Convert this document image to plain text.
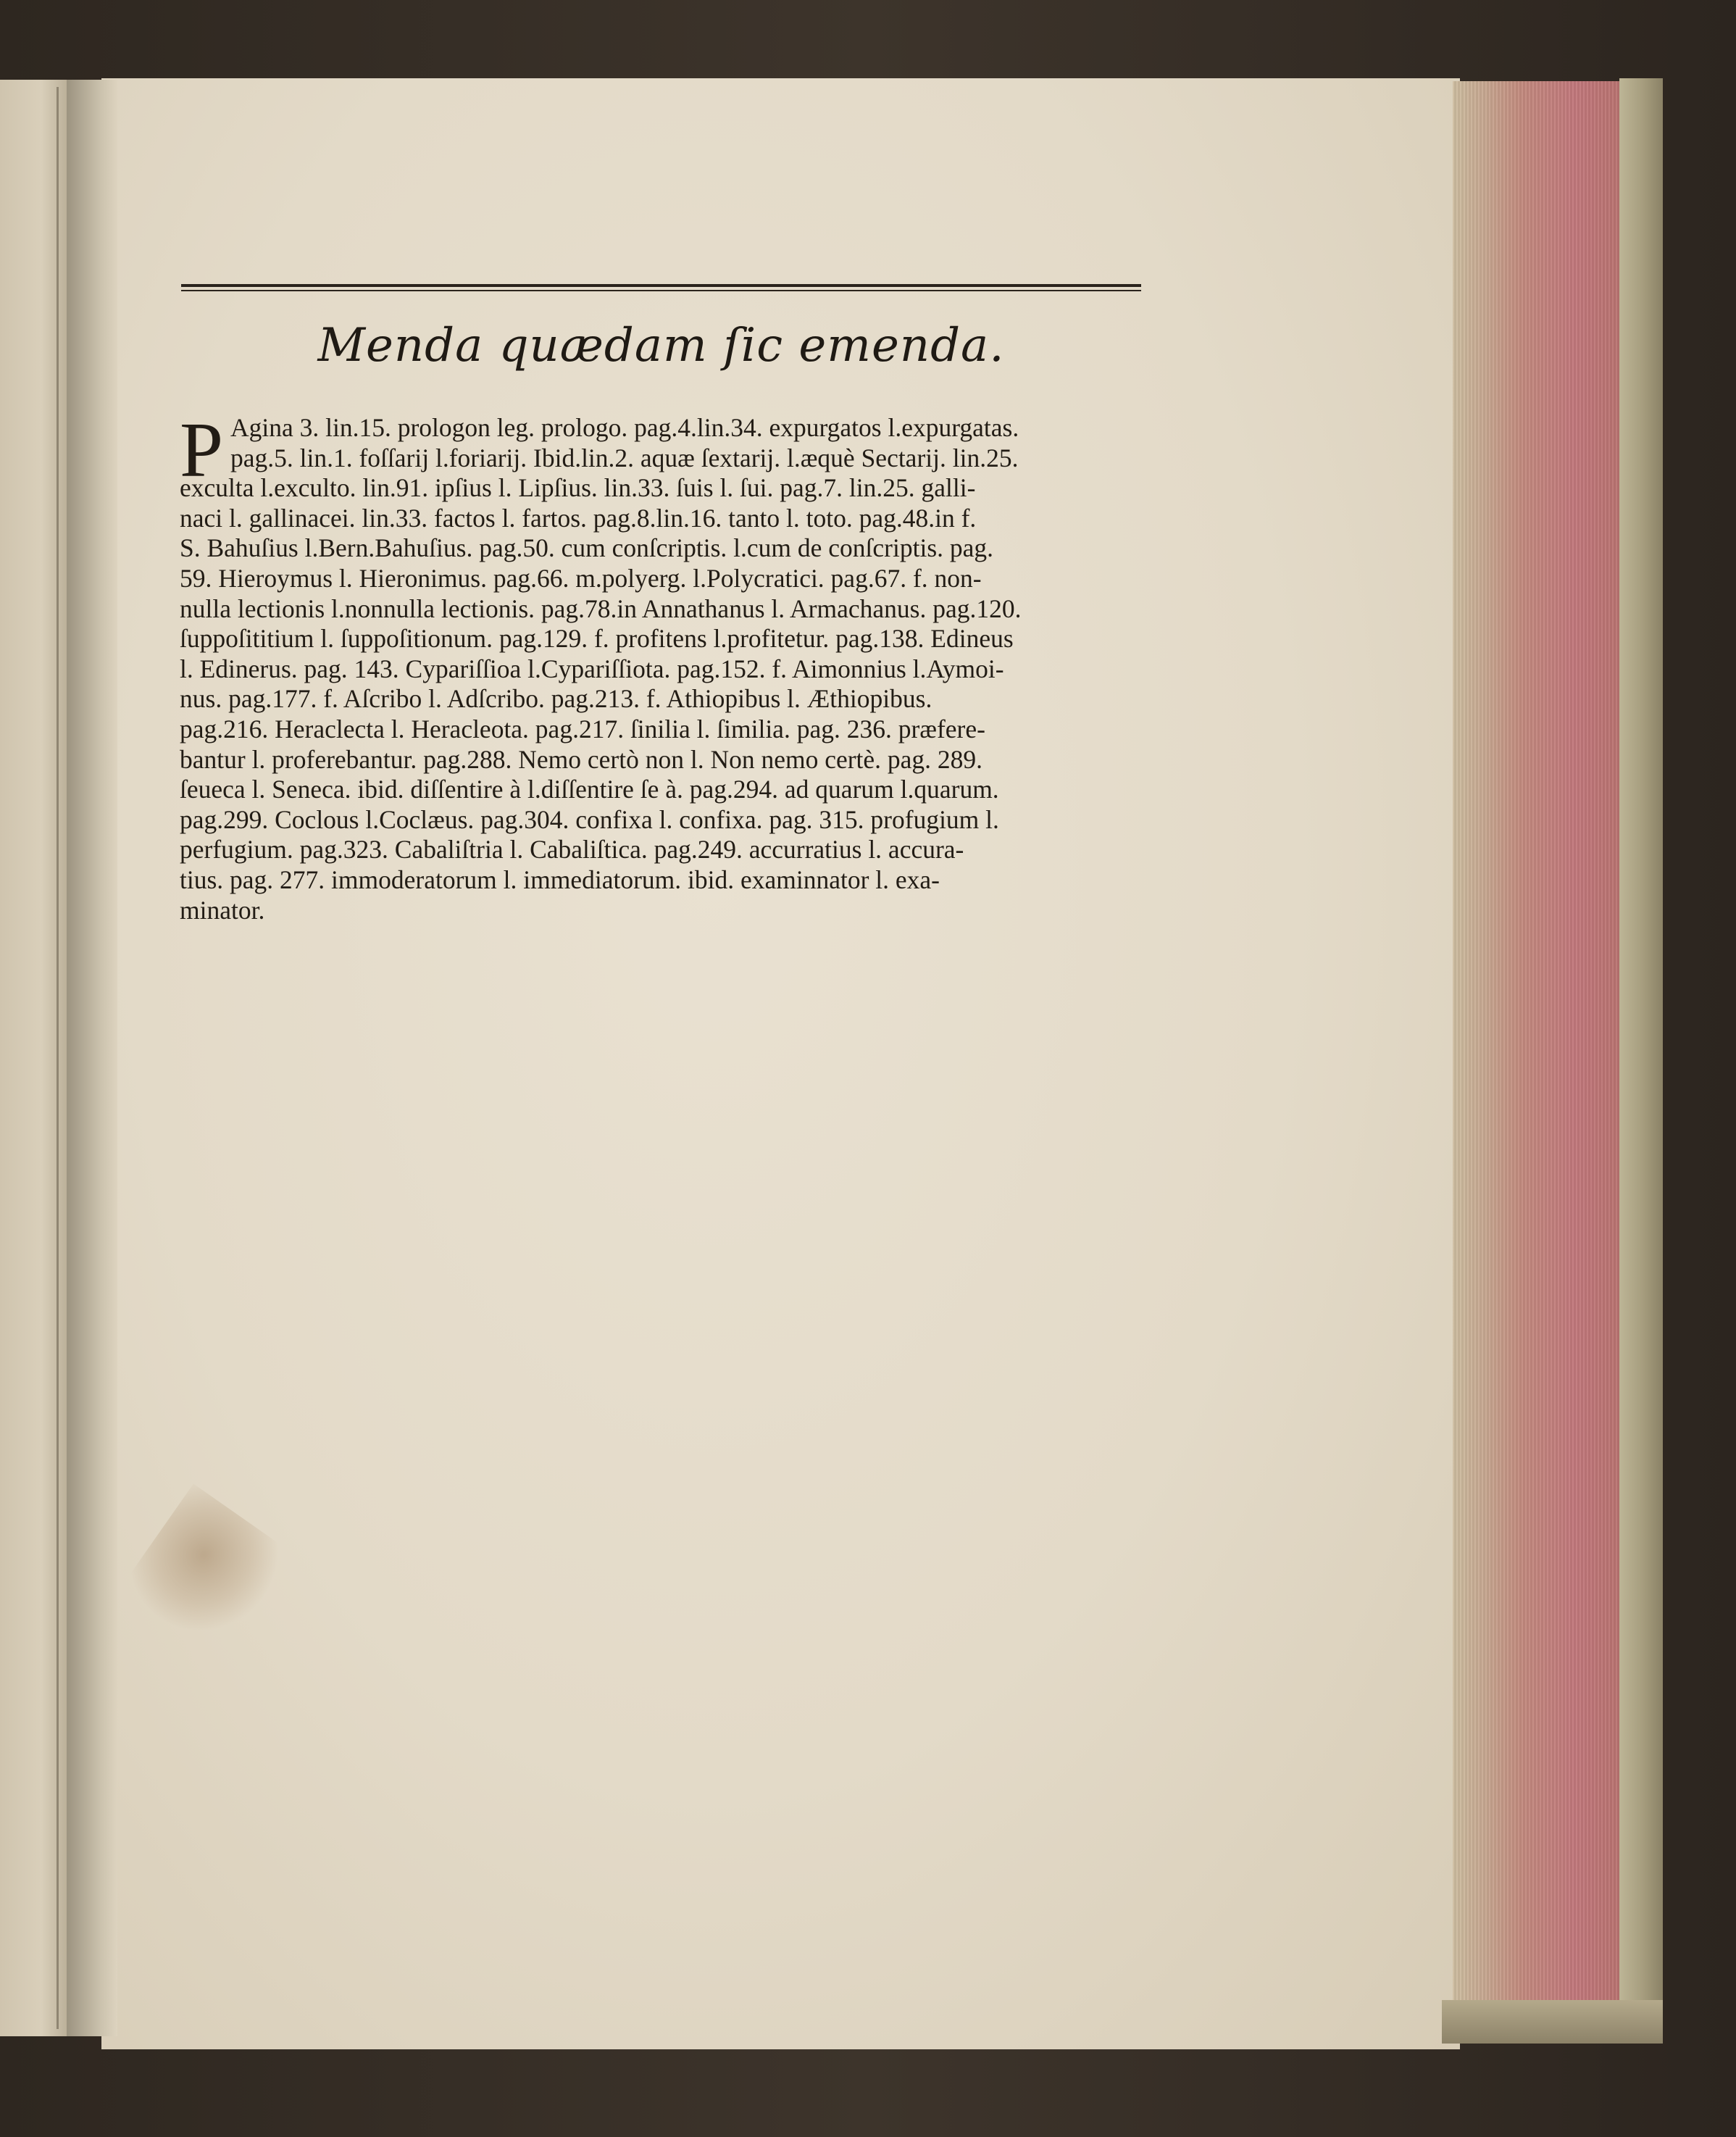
Menda quædam ſic emenda.
P Agina 3. lin.15. prologon leg. prologo. pag.4.lin.34. expurgatos l.expurgatas.
pag.5. lin.1. foſſarij l.foriarij. Ibid.lin.2. aquæ ſextarij. l.æquè Sectarij. lin.25.
exculta l.exculto. lin.91. ipſius l. Lipſius. lin.33. ſuis l. ſui. pag.7. lin.25. galli-
naci l. gallinacei. lin.33. factos l. fartos. pag.8.lin.16. tanto l. toto. pag.48.in f.
S. Bahuſius l.Bern.Bahuſius. pag.50. cum conſcriptis. l.cum de conſcriptis. pag.
59. Hieroymus l. Hieronimus. pag.66. m.polyerg. l.Polycratici. pag.67. f. non-
nulla lectionis l.nonnulla lectionis. pag.78.in Annathanus l. Armachanus. pag.120.
ſuppoſititium l. ſuppoſitionum. pag.129. f. profitens l.profitetur. pag.138. Edineus
l. Edinerus. pag. 143. Cypariſſioa l.Cypariſſiota. pag.152. f. Aimonnius l.Aymoi-
nus. pag.177. f. Aſcribo l. Adſcribo. pag.213. f. Athiopibus l. Æthiopibus.
pag.216. Heraclecta l. Heracleota. pag.217. ſinilia l. ſimilia. pag. 236. præfere-
bantur l. proferebantur. pag.288. Nemo certò non l. Non nemo certè. pag. 289.
ſeueca l. Seneca. ibid. diſſentire à l.diſſentire ſe à. pag.294. ad quarum l.quarum.
pag.299. Coclous l.Coclæus. pag.304. confixa l. confixa. pag. 315. profugium l.
perfugium. pag.323. Cabaliſtria l. Cabaliſtica. pag.249. accurratius l. accura-
tius. pag. 277. immoderatorum l. immediatorum. ibid. examinnator l. exa-
minator.
